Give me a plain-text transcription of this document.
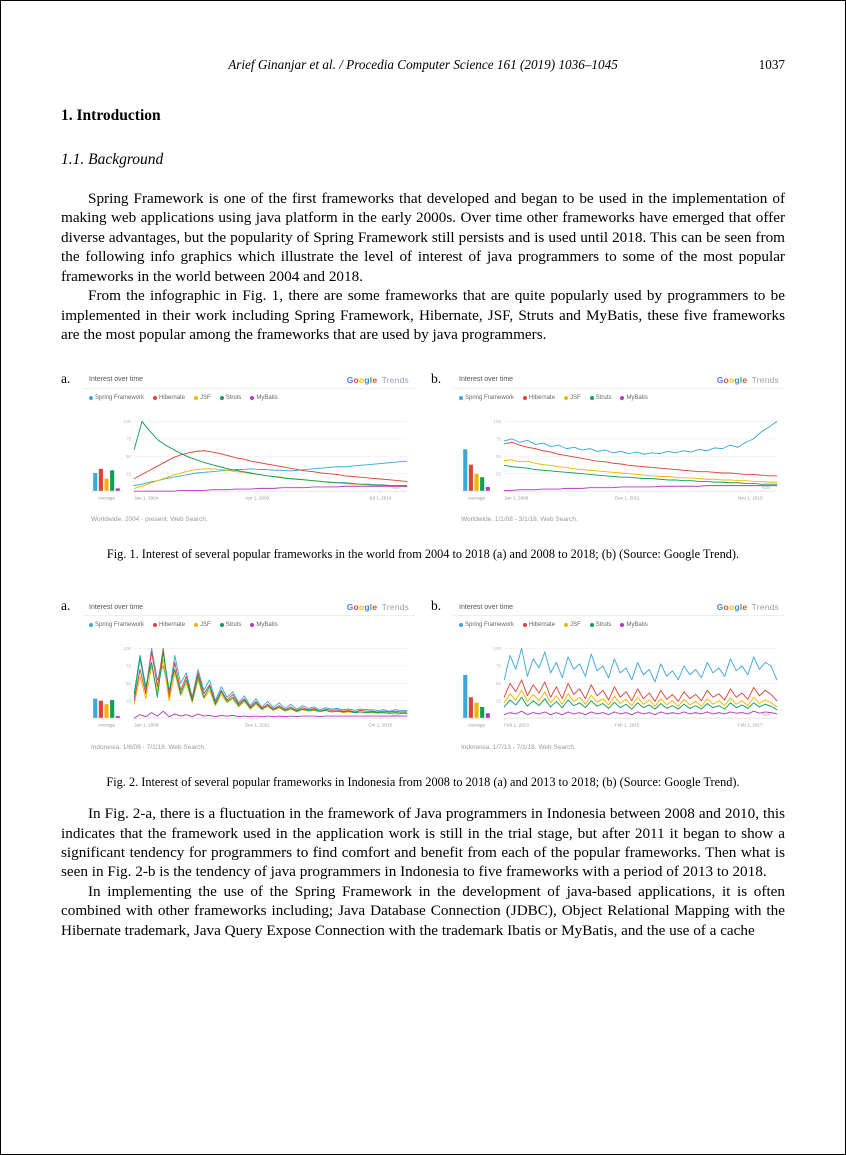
Arief Ginanjar et al. / Procedia Computer Science 161 (2019) 1036–1045	1037
1. Introduction
1.1. Background

Spring Framework is one of the first frameworks that developed and began to be used in the implementation of making web applications using java platform in the early 2000s. Over time other frameworks have emerged that offer diverse advantages, but the popularity of Spring Framework still persists and is used until 2018. This can be seen from the following info graphics which illustrate the level of interest of java programmers to some of the most popular frameworks in the world between 2004 and 2018.

From the infographic in Fig. 1, there are some frameworks that are quite popularly used by programmers to be implemented in their work including Spring Framework, Hibernate, JSF, Struts and MyBatis, these five frameworks are the most popular among the frameworks that are used by java programmers.

a.	Interest over time	Google Trends
Spring Framework	Hibernate	JSF	Struts	MyBatis
25
50
75
100
Average	Jan 1, 2004	Apr 1, 2009	Jul 1, 2014
Note
Worldwide. 2004 - present. Web Search.
b.	Interest over time	Google Trends
Spring Framework	Hibernate	JSF	Struts	MyBatis
25
50
75
100
Average	Jan 1, 2008	Dec 1, 2011	Nov 1, 2015
Note
Worldwide. 1/1/08 - 3/1/18. Web Search.
Fig. 1. Interest of several popular frameworks in the world from 2004 to 2018 (a) and 2008 to 2018; (b) (Source: Google Trend).
a.	Interest over time	Google Trends
Spring Framework	Hibernate	JSF	Struts	MyBatis
25
50
75
100
Average	Jan 1, 2008	Dec 1, 2011	Oct 1, 2015
Note
Indonesia. 1/6/08 - 7/1/18. Web Search.
b.	Interest over time	Google Trends
Spring Framework	Hibernate	JSF	Struts	MyBatis
25
50
75
100
Average	Feb 1, 2013	Feb 1, 2015	Feb 1, 2017
Note
Indonesia. 1/7/13 - 7/1/18. Web Search.
Fig. 2. Interest of several popular frameworks in Indonesia from 2008 to 2018 (a) and 2013 to 2018; (b) (Source: Google Trend).

In Fig. 2-a, there is a fluctuation in the framework of Java programmers in Indonesia between 2008 and 2010, this indicates that the framework used in the application work is still in the trial stage, but after 2011 it began to show a significant tendency for programmers to find comfort and benefit from each of the popular frameworks. Then what is seen in Fig. 2-b is the tendency of java programmers in Indonesia to five frameworks with a period of 2013 to 2018.

In implementing the use of the Spring Framework in the development of java-based applications, it is often combined with other frameworks including; Java Database Connection (JDBC), Object Relational Mapping with the Hibernate trademark, Java Query Expose Connection with the trademark Ibatis or MyBatis, and the use of a cache
